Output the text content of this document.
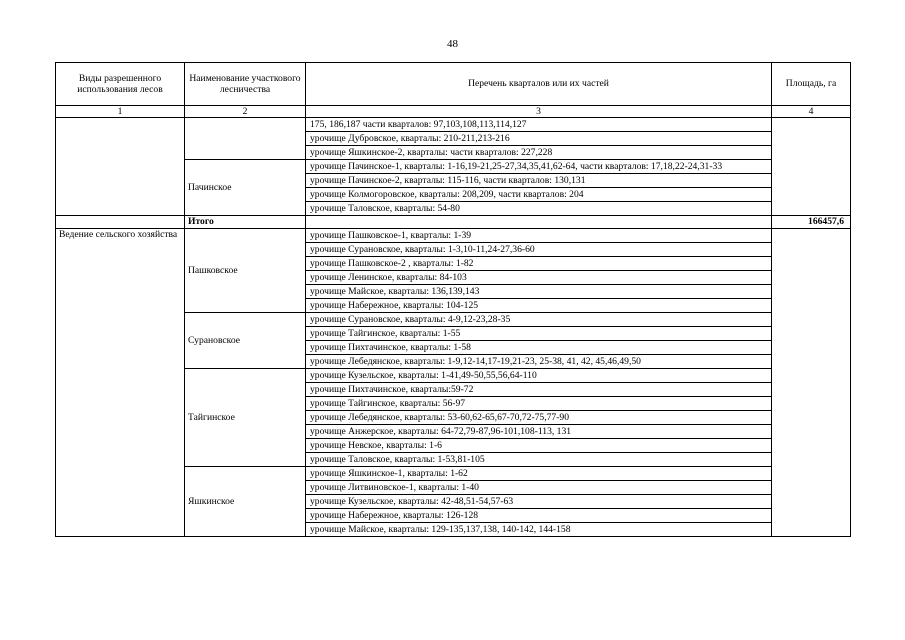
48
Виды разрешенного использования лесов	Наименование участкового лесничества	Перечень кварталов или их частей	Площадь, га
1	2	3	4
		175, 186,187 части кварталов: 97,103,108,113,114,127	
		урочище Дубровское, кварталы: 210-211,213-216	
		урочище Яшкинское-2, кварталы: части кварталов: 227,228	
	Пачинское	урочище Пачинское-1, кварталы: 1-16,19-21,25-27,34,35,41,62-64, части кварталов: 17,18,22-24,31-33	
		урочище Пачинское-2, кварталы: 115-116, части кварталов: 130,131	
		урочище Колмогоровское, кварталы: 208,209, части кварталов: 204	
		урочище Таловское, кварталы: 54-80	
	Итого		166457,6
Ведение сельского хозяйства	Пашковское	урочище Пашковское-1, кварталы: 1-39	
		урочище Сурановское, кварталы: 1-3,10-11,24-27,36-60	
		урочище Пашковское-2 , кварталы: 1-82	
		урочище Ленинское, кварталы: 84-103	
		урочище Майское, кварталы: 136,139,143	
		урочище Набережное, кварталы: 104-125	
	Сурановское	урочище Сурановское, кварталы: 4-9,12-23,28-35	
		урочище Тайгинское, кварталы: 1-55	
		урочище Пихтачинское, кварталы: 1-58	
		урочище Лебедянское, кварталы: 1-9,12-14,17-19,21-23, 25-38, 41, 42, 45,46,49,50	
	Тайгинское	урочище Кузельское, кварталы: 1-41,49-50,55,56,64-110	
		урочище Пихтачинское, кварталы:59-72	
		урочище Тайгинское, кварталы: 56-97	
		урочище Лебедянское, кварталы: 53-60,62-65,67-70,72-75,77-90	
		урочище Анжерское, кварталы: 64-72,79-87,96-101,108-113, 131	
		урочище Невское, кварталы: 1-6	
		урочище Таловское, кварталы: 1-53,81-105	
	Яшкинское	урочище Яшкинское-1, кварталы: 1-62	
		урочище Литвиновское-1, кварталы: 1-40	
		урочище Кузельское, кварталы: 42-48,51-54,57-63	
		урочище Набережное, кварталы: 126-128	
		урочище Майское, кварталы: 129-135,137,138, 140-142, 144-158	
